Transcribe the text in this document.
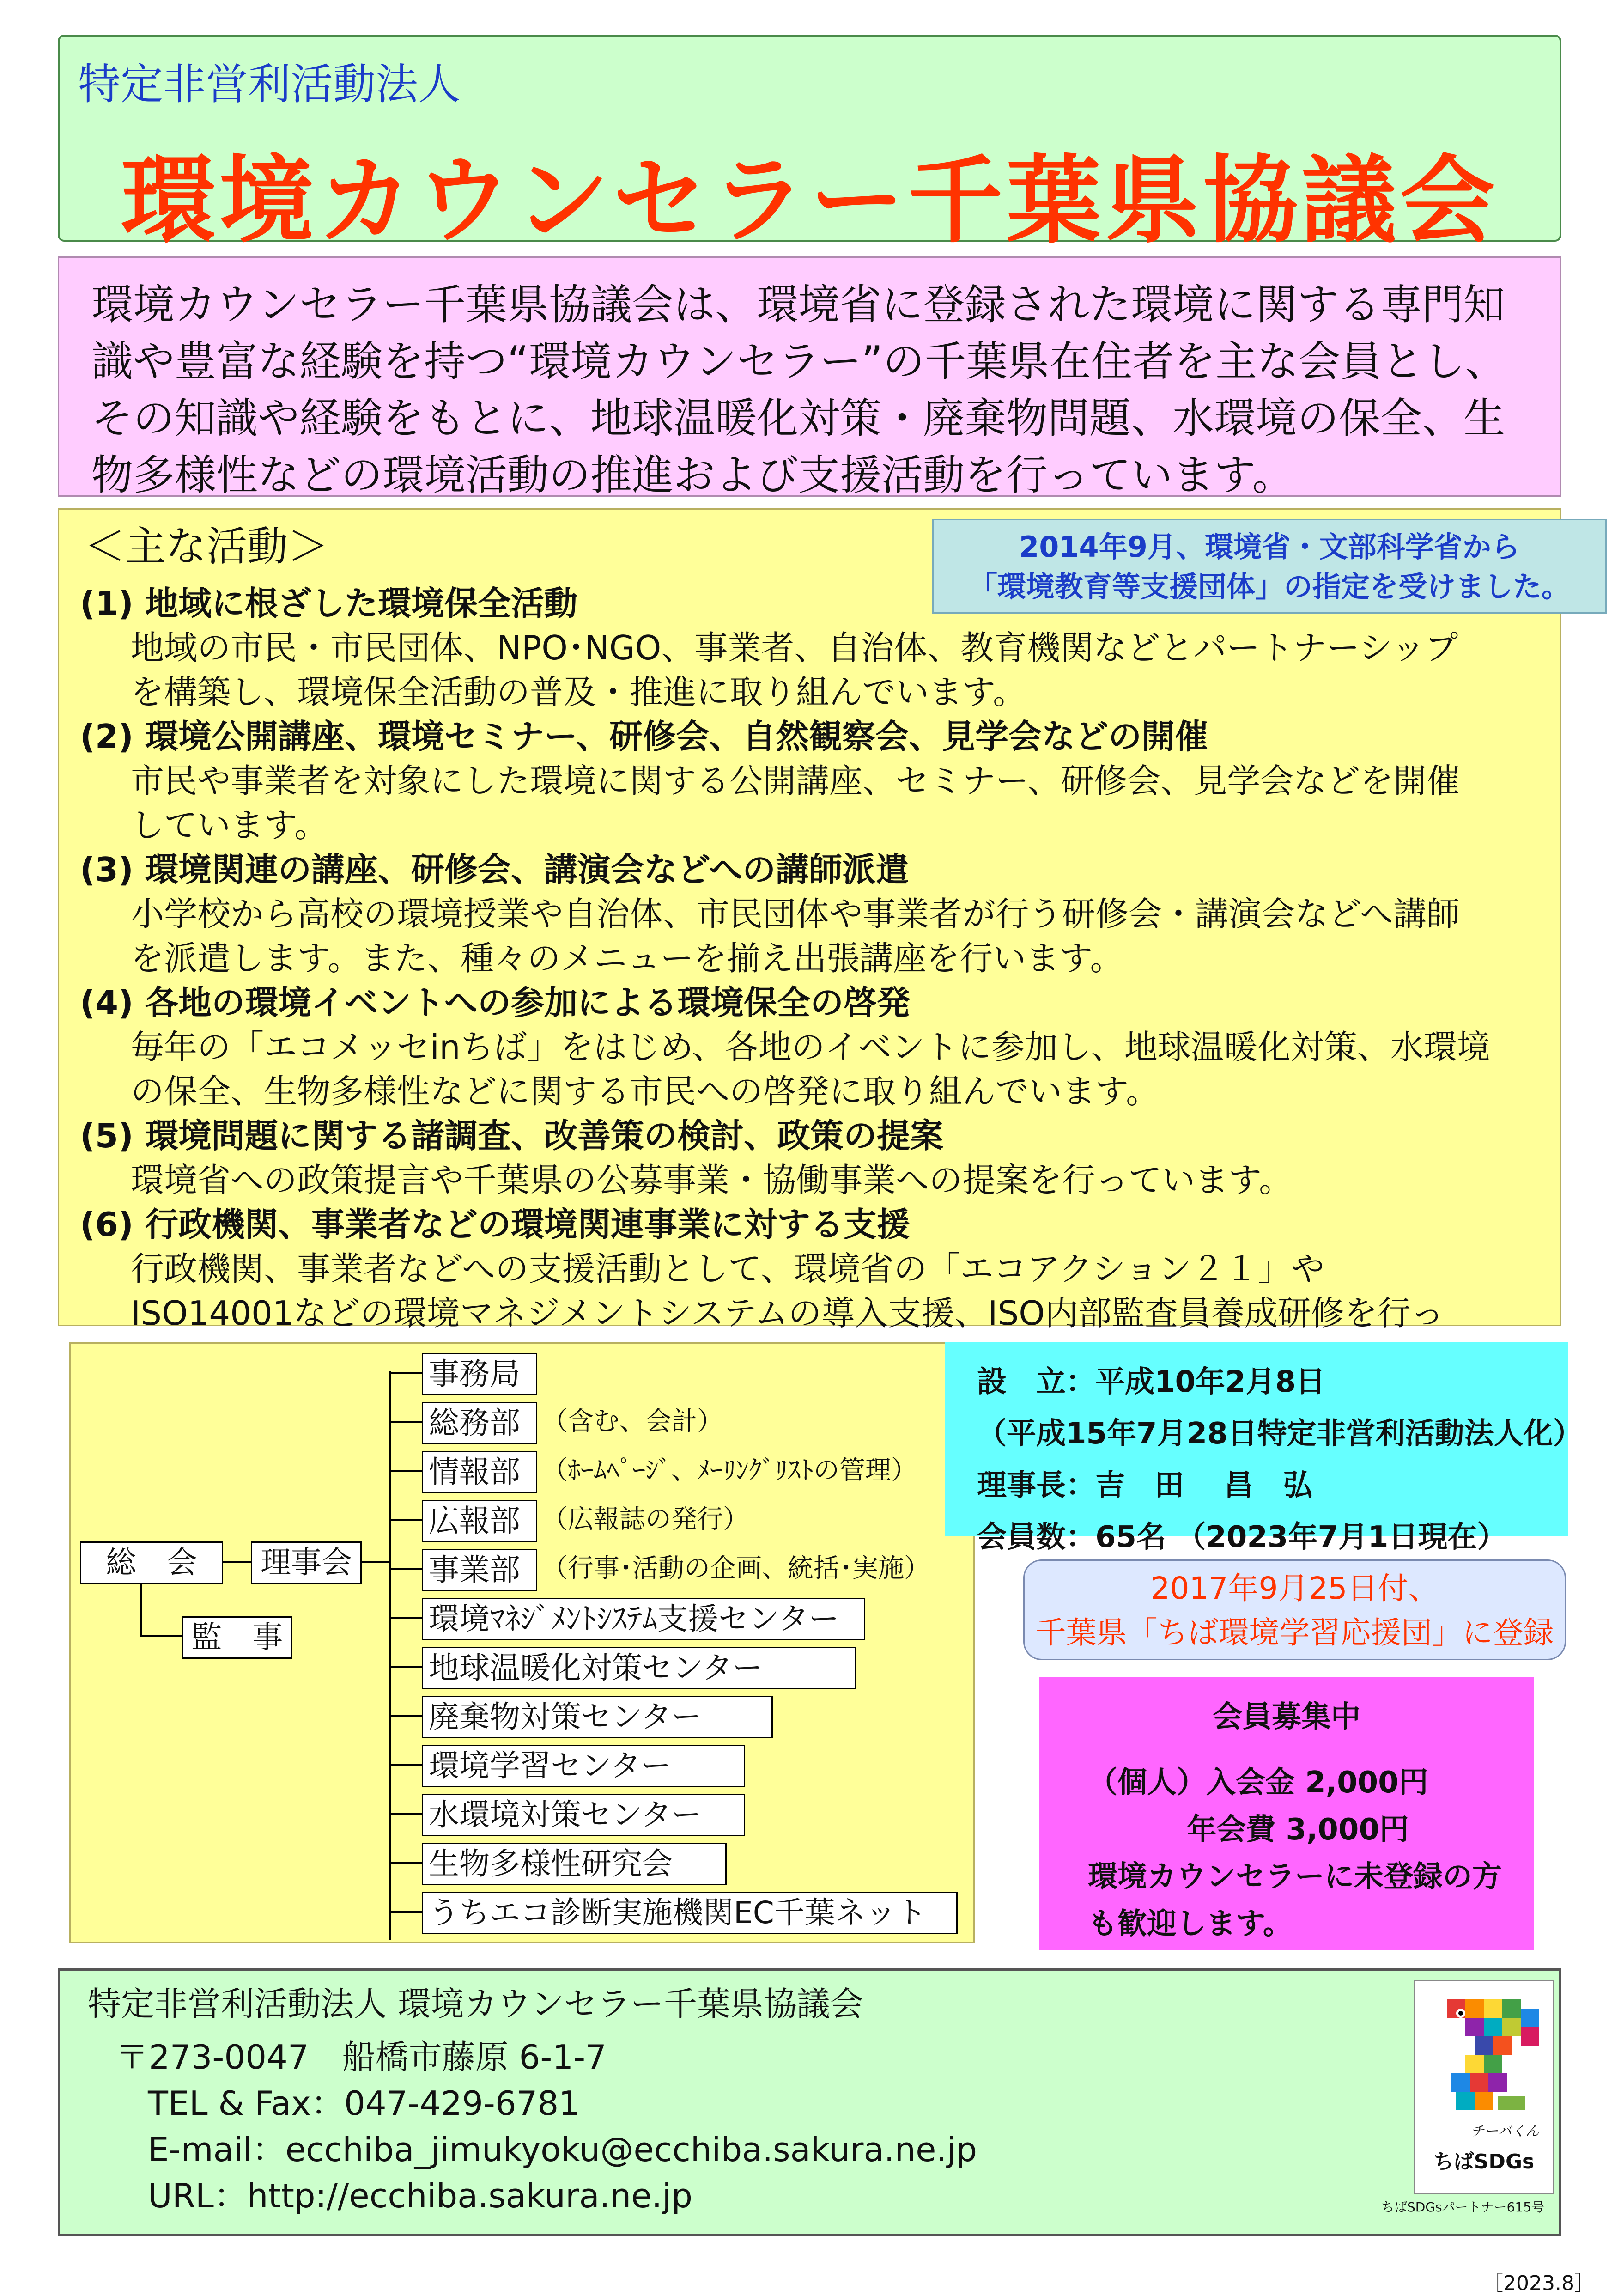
特定非営利活動法人
環境カウンセラー千葉県協議会
環境カウンセラー千葉県協議会は、環境省に登録された環境に関する専門知
識や豊富な経験を持つ“環境カウンセラー”の千葉県在住者を主な会員とし、
その知識や経験をもとに、地球温暖化対策・廃棄物問題、水環境の保全、生
物多様性などの環境活動の推進および支援活動を行っています。
＜主な活動＞	2014年9月、環境省・文部科学省から
「環境教育等支援団体」の指定を受けました。
(1) 地域に根ざした環境保全活動
地域の市民・市民団体、NPO･NGO、事業者、自治体、教育機関などとパートナーシップ
を構築し、環境保全活動の普及・推進に取り組んでいます。
(2) 環境公開講座、環境セミナー、研修会、自然観察会、見学会などの開催
市民や事業者を対象にした環境に関する公開講座、セミナー、研修会、見学会などを開催
しています。
(3) 環境関連の講座、研修会、講演会などへの講師派遣
小学校から高校の環境授業や自治体、市民団体や事業者が行う研修会・講演会などへ講師
を派遣します。また、種々のメニューを揃え出張講座を行います。
(4) 各地の環境イベントへの参加による環境保全の啓発
毎年の「エコメッセinちば」をはじめ、各地のイベントに参加し、地球温暖化対策、水環境
の保全、生物多様性などに関する市民への啓発に取り組んでいます。
(5) 環境問題に関する諸調査、改善策の検討、政策の提案
環境省への政策提言や千葉県の公募事業・協働事業への提案を行っています。
(6) 行政機関、事業者などの環境関連事業に対する支援
行政機関、事業者などへの支援活動として、環境省の「エコアクション２１」や
ISO14001などの環境マネジメントシステムの導入支援、ISO内部監査員養成研修を行っ
総　会	理事会
監　事
事務局
総務部 （含む、会計）
情報部 （ﾎｰﾑﾍﾟｰｼﾞ、ﾒｰﾘﾝｸﾞﾘｽﾄの管理）
広報部 （広報誌の発行）
事業部 （行事･活動の企画、統括･実施）
環境ﾏﾈｼﾞﾒﾝﾄｼｽﾃﾑ支援センター
地球温暖化対策センター
廃棄物対策センター
環境学習センター
水環境対策センター
生物多様性研究会
うちエコ診断実施機関EC千葉ネット
設　立：平成10年2月8日
（平成15年7月28日特定非営利活動法人化）
理事長：吉　田　 昌　弘
会員数：65名 （2023年7月1日現在）
2017年9月25日付、
千葉県「ちば環境学習応援団」に登録
会員募集中
（個人）入会金 2,000円
　　　 年会費 3,000円
環境カウンセラーに未登録の方
も歓迎します。
特定非営利活動法人 環境カウンセラー千葉県協議会
〒273-0047　船橋市藤原 6-1-7
TEL & Fax：047-429-6781
E-mail：ecchiba_jimukyoku@ecchiba.sakura.ne.jp
URL：http://ecchiba.sakura.ne.jp
チーバくん
ちばSDGs
ちばSDGsパートナー615号
［2023.8］
